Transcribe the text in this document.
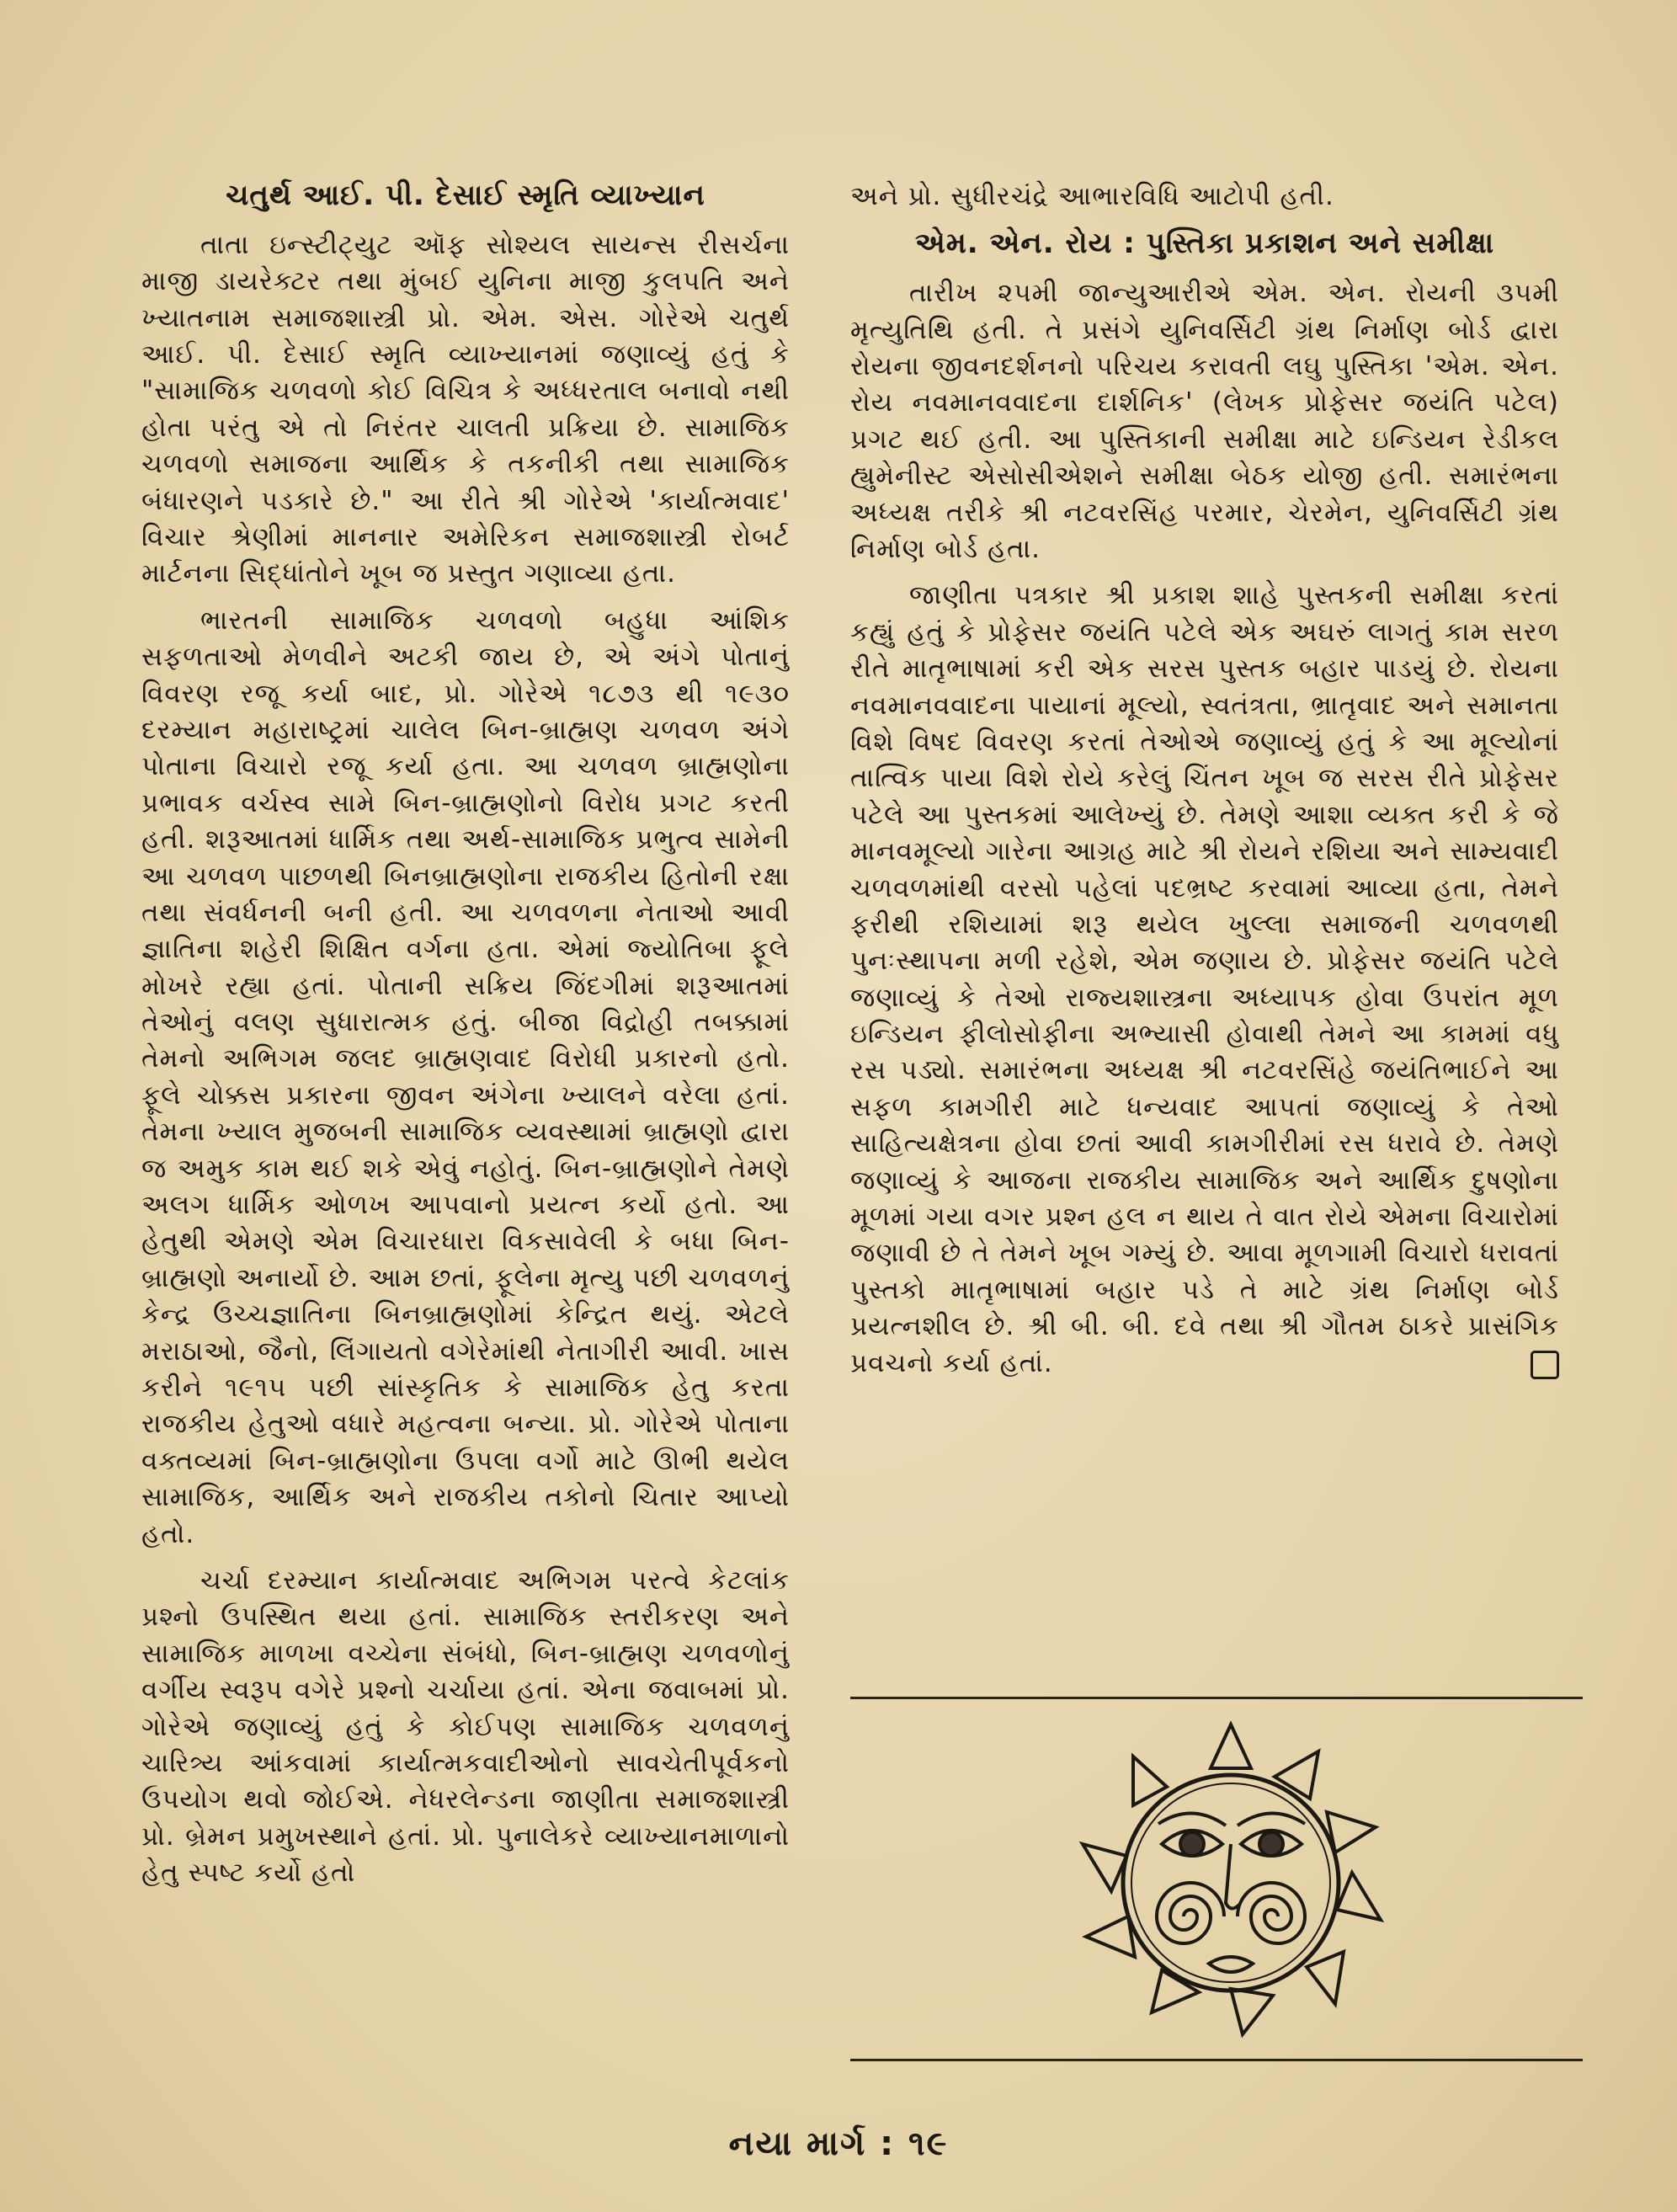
ચતુર્થ આઈ. પી. દેસાઈ સ્મૃતિ વ્યાખ્યાન

તાતા ઇન્સ્ટીટ્યુટ ઑફ સોશ્યલ સાયન્સ રીસર્ચના માજી ડાયરેક્ટર તથા મુંબઈ યુનિના માજી કુલપતિ અને ખ્યાતનામ સમાજશાસ્ત્રી પ્રો. એમ. એસ. ગોરેએ ચતુર્થ આઈ. પી. દેસાઈ સ્મૃતિ વ્યાખ્યાનમાં જણાવ્યું હતું કે "સામાજિક ચળવળો કોઈ વિચિત્ર કે અધ્ધરતાલ બનાવો નથી હોતા પરંતુ એ તો નિરંતર ચાલતી પ્રક્રિયા છે. સામાજિક ચળવળો સમાજના આર્થિક કે તકનીકી તથા સામાજિક બંધારણને પડકારે છે." આ રીતે શ્રી ગોરેએ 'કાર્યાત્મવાદ' વિચાર શ્રેણીમાં માનનાર અમેરિકન સમાજશાસ્ત્રી રોબર્ટ માર્ટનના સિદ્ધાંતોને ખૂબ જ પ્રસ્તુત ગણાવ્યા હતા.

ભારતની સામાજિક ચળવળો બહુધા આંશિક સફળતાઓ મેળવીને અટકી જાય છે, એ અંગે પોતાનું વિવરણ રજૂ કર્યા બાદ, પ્રો. ગોરેએ ૧૮૭૩ થી ૧૯૩૦ દરમ્યાન મહારાષ્ટ્રમાં ચાલેલ બિન-બ્રાહ્મણ ચળવળ અંગે પોતાના વિચારો રજૂ કર્યા હતા. આ ચળવળ બ્રાહ્મણોના પ્રભાવક વર્ચસ્વ સામે બિન-બ્રાહ્મણોનો વિરોધ પ્રગટ કરતી હતી. શરૂઆતમાં ધાર્મિક તથા અર્થ-સામાજિક પ્રભુત્વ સામેની આ ચળવળ પાછળથી બિનબ્રાહ્મણોના રાજકીય હિતોની રક્ષા તથા સંવર્ધનની બની હતી. આ ચળવળના નેતાઓ આવી જ્ઞાતિના શહેરી શિક્ષિત વર્ગના હતા. એમાં જ્યોતિબા ફૂલે મોખરે રહ્યા હતાં. પોતાની સક્રિય જિંદગીમાં શરૂઆતમાં તેઓનું વલણ સુધારાત્મક હતું. બીજા વિદ્રોહી તબક્કામાં તેમનો અભિગમ જલદ બ્રાહ્મણવાદ વિરોધી પ્રકારનો હતો. ફૂલે ચોક્કસ પ્રકારના જીવન અંગેના ખ્યાલને વરેલા હતાં. તેમના ખ્યાલ મુજબની સામાજિક વ્યવસ્થામાં બ્રાહ્મણો દ્વારા જ અમુક કામ થઈ શકે એવું નહોતું. બિન-બ્રાહ્મણોને તેમણે અલગ ધાર્મિક ઓળખ આપવાનો પ્રયત્ન કર્યો હતો. આ હેતુથી એમણે એમ વિચારધારા વિકસાવેલી કે બધા બિન-બ્રાહ્મણો અનાર્યો છે. આમ છતાં, ફૂલેના મૃત્યુ પછી ચળવળનું કેન્દ્ર ઉચ્ચજ્ઞાતિના બિનબ્રાહ્મણોમાં કેન્દ્રિત થયું. એટલે મરાઠાઓ, જૈનો, લિંગાયતો વગેરેમાંથી નેતાગીરી આવી. ખાસ કરીને ૧૯૧૫ પછી સાંસ્કૃતિક કે સામાજિક હેતુ કરતા રાજકીય હેતુઓ વધારે મહત્વના બન્યા. પ્રો. ગોરેએ પોતાના વક્તવ્યમાં બિન-બ્રાહ્મણોના ઉપલા વર્ગો માટે ઊભી થયેલ સામાજિક, આર્થિક અને રાજકીય તકોનો ચિતાર આપ્યો હતો.

ચર્ચા દરમ્યાન કાર્યાત્મવાદ અભિગમ પરત્વે કેટલાંક પ્રશ્નો ઉપસ્થિત થયા હતાં. સામાજિક સ્તરીકરણ અને સામાજિક માળખા વચ્ચેના સંબંધો, બિન-બ્રાહ્મણ ચળવળોનું વર્ગીય સ્વરૂપ વગેરે પ્રશ્નો ચર્ચાયા હતાં. એના જવાબમાં પ્રો. ગોરેએ જણાવ્યું હતું કે કોઈપણ સામાજિક ચળવળનું ચારિત્ર્ય આંકવામાં કાર્યાત્મકવાદીઓનો સાવચેતીપૂર્વકનો ઉપયોગ થવો જોઈએ. નેધરલેન્ડના જાણીતા સમાજશાસ્ત્રી પ્રો. બ્રેમન પ્રમુખસ્થાને હતાં. પ્રો. પુનાલેકરે વ્યાખ્યાનમાળાનો હેતુ સ્પષ્ટ કર્યો હતો

અને પ્રો. સુધીરચંદ્રે આભારવિધિ આટોપી હતી.

એમ. એન. રોય : પુસ્તિકા પ્રકાશન અને સમીક્ષા

તારીખ ૨૫મી જાન્યુઆરીએ એમ. એન. રોયની ૩૫મી મૃત્યુતિથિ હતી. તે પ્રસંગે યુનિવર્સિટી ગ્રંથ નિર્માણ બોર્ડ દ્વારા રોયના જીવનદર્શનનો પરિચય કરાવતી લઘુ પુસ્તિકા 'એમ. એન. રોય નવમાનવવાદના દાર્શનિક' (લેખક પ્રોફેસર જયંતિ પટેલ) પ્રગટ થઈ હતી. આ પુસ્તિકાની સમીક્ષા માટે ઇન્ડિયન રેડીકલ હ્યુમેનીસ્ટ એસોસીએશને સમીક્ષા બેઠક યોજી હતી. સમારંભના અધ્યક્ષ તરીકે શ્રી નટવરસિંહ પરમાર, ચેરમેન, યુનિવર્સિટી ગ્રંથ નિર્માણ બોર્ડ હતા.

જાણીતા પત્રકાર શ્રી પ્રકાશ શાહે પુસ્તકની સમીક્ષા કરતાં કહ્યું હતું કે પ્રોફેસર જયંતિ પટેલે એક અઘરું લાગતું કામ સરળ રીતે માતૃભાષામાં કરી એક સરસ પુસ્તક બહાર પાડયું છે. રોયના નવમાનવવાદના પાયાનાં મૂલ્યો, સ્વતંત્રતા, ભ્રાતૃવાદ અને સમાનતા વિશે વિષદ વિવરણ કરતાં તેઓએ જણાવ્યું હતું કે આ મૂલ્યોનાં તાત્વિક પાયા વિશે રોયે કરેલું ચિંતન ખૂબ જ સરસ રીતે પ્રોફેસર પટેલે આ પુસ્તકમાં આલેખ્યું છે. તેમણે આશા વ્યક્ત કરી કે જે માનવમૂલ્યો ગારેના આગ્રહ માટે શ્રી રોયને રશિયા અને સામ્યવાદી ચળવળમાંથી વરસો પહેલાં પદભ્રષ્ટ કરવામાં આવ્યા હતા, તેમને ફરીથી રશિયામાં શરૂ થયેલ ખુલ્લા સમાજની ચળવળથી પુનઃસ્થાપના મળી રહેશે, એમ જણાય છે. પ્રોફેસર જયંતિ પટેલે જણાવ્યું કે તેઓ રાજ્યશાસ્ત્રના અધ્યાપક હોવા ઉપરાંત મૂળ ઇન્ડિયન ફીલોસોફીના અભ્યાસી હોવાથી તેમને આ કામમાં વધુ રસ પડ્યો. સમારંભના અધ્યક્ષ શ્રી નટવરસિંહે જયંતિભાઈને આ સફળ કામગીરી માટે ધન્યવાદ આપતાં જણાવ્યું કે તેઓ સાહિત્યક્ષેત્રના હોવા છતાં આવી કામગીરીમાં રસ ધરાવે છે. તેમણે જણાવ્યું કે આજના રાજકીય સામાજિક અને આર્થિક દુષણોના મૂળમાં ગયા વગર પ્રશ્ન હલ ન થાય તે વાત રોયે એમના વિચારોમાં જણાવી છે તે તેમને ખૂબ ગમ્યું છે. આવા મૂળગામી વિચારો ધરાવતાં પુસ્તકો માતૃભાષામાં બહાર પડે તે માટે ગ્રંથ નિર્માણ બોર્ડ પ્રયત્નશીલ છે. શ્રી બી. બી. દવે તથા શ્રી ગૌતમ ઠાકરે પ્રાસંગિક પ્રવચનો કર્યા હતાં.

નયા માર્ગ : ૧૯
